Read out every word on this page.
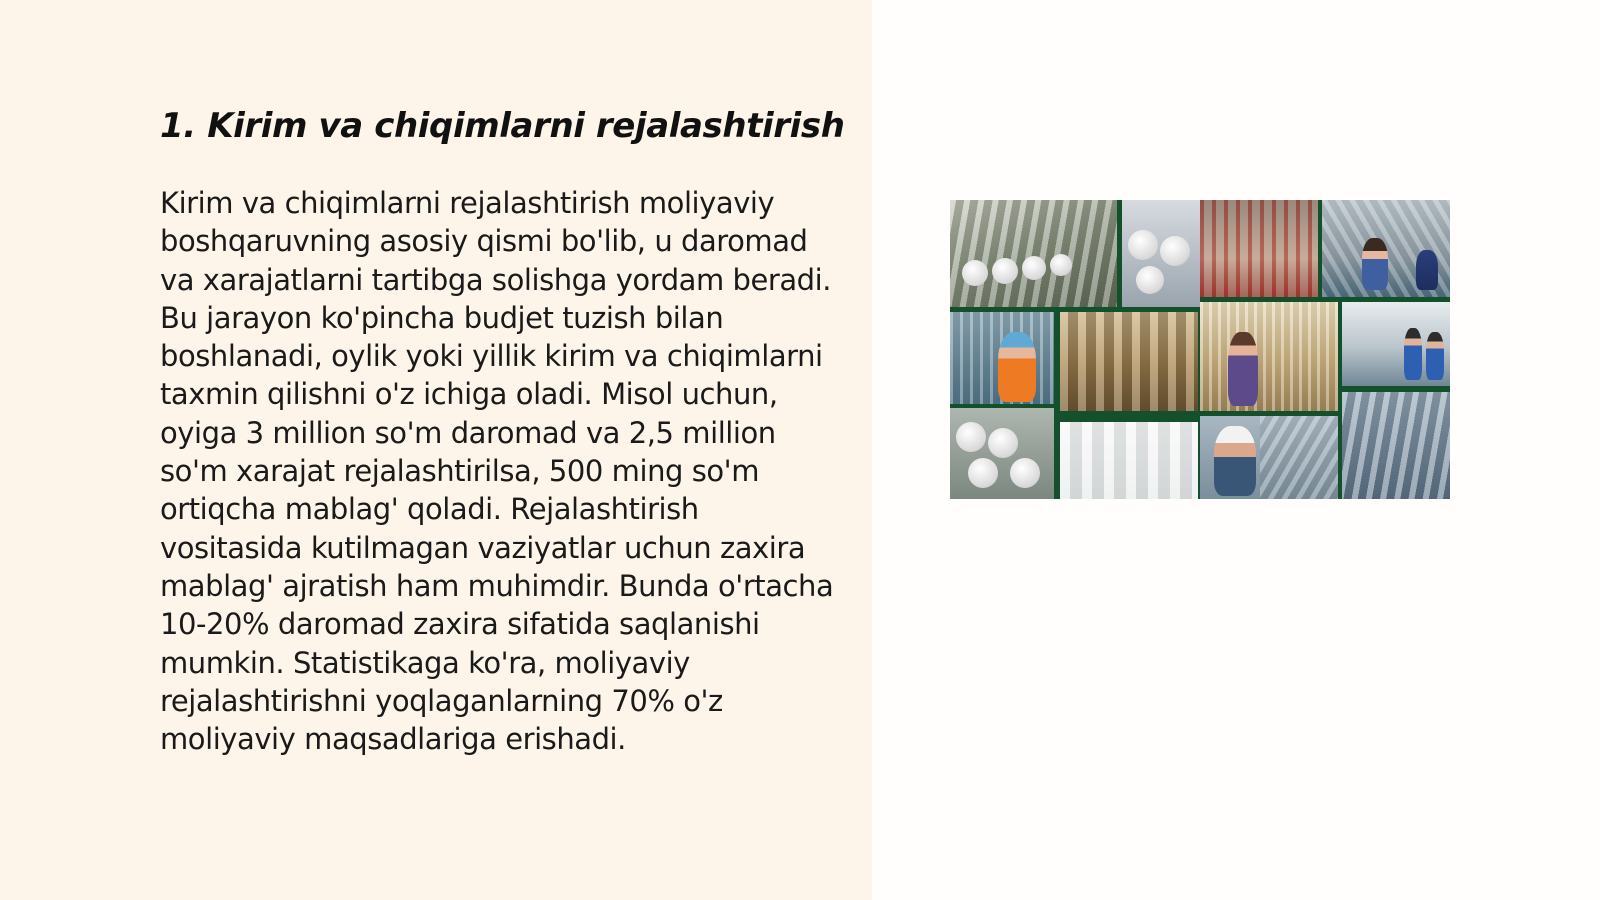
1. Kirim va chiqimlarni rejalashtirish

Kirim va chiqimlarni rejalashtirish moliyaviy boshqaruvning asosiy qismi bo'lib, u daromad va xarajatlarni tartibga solishga yordam beradi. Bu jarayon ko'pincha budjet tuzish bilan boshlanadi, oylik yoki yillik kirim va chiqimlarni taxmin qilishni o'z ichiga oladi. Misol uchun, oyiga 3 million so'm daromad va 2,5 million so'm xarajat rejalashtirilsa, 500 ming so'm ortiqcha mablag' qoladi. Rejalashtirish vositasida kutilmagan vaziyatlar uchun zaxira mablag' ajratish ham muhimdir. Bunda o'rtacha 10-20% daromad zaxira sifatida saqlanishi mumkin. Statistikaga ko'ra, moliyaviy rejalashtirishni yoqlaganlarning 70% o'z moliyaviy maqsadlariga erishadi.
